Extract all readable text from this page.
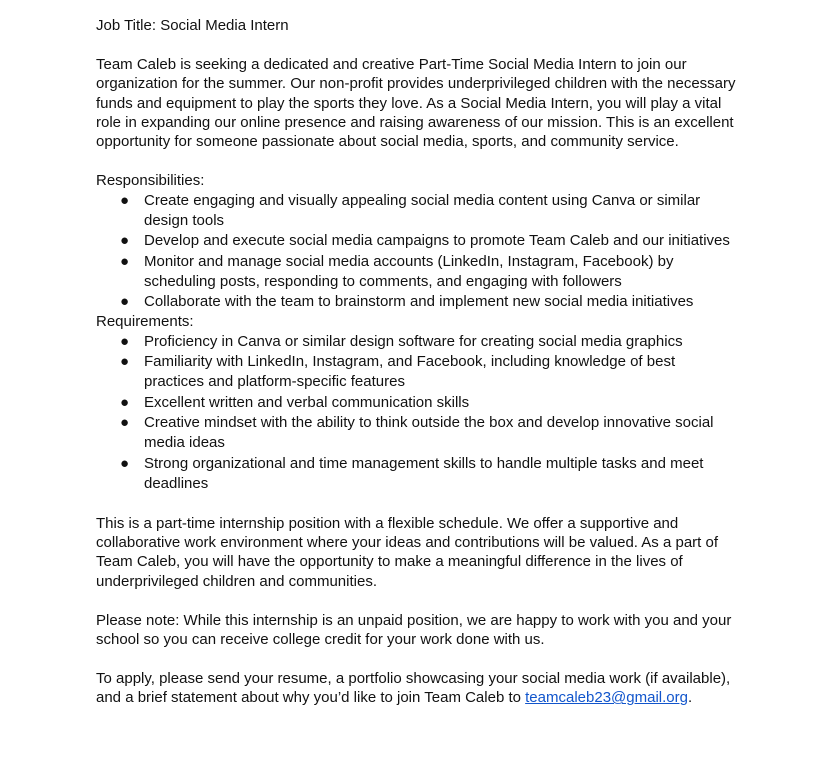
Job Title: Social Media Intern

Team Caleb is seeking a dedicated and creative Part-Time Social Media Intern to join our organization for the summer. Our non-profit provides underprivileged children with the necessary funds and equipment to play the sports they love. As a Social Media Intern, you will play a vital role in expanding our online presence and raising awareness of our mission. This is an excellent opportunity for someone passionate about social media, sports, and community service.

Responsibilities:

● Create engaging and visually appealing social media content using Canva or similar design tools
● Develop and execute social media campaigns to promote Team Caleb and our initiatives
● Monitor and manage social media accounts (LinkedIn, Instagram, Facebook) by scheduling posts, responding to comments, and engaging with followers
● Collaborate with the team to brainstorm and implement new social media initiatives

Requirements:

● Proficiency in Canva or similar design software for creating social media graphics
● Familiarity with LinkedIn, Instagram, and Facebook, including knowledge of best practices and platform-specific features
● Excellent written and verbal communication skills
● Creative mindset with the ability to think outside the box and develop innovative social media ideas
● Strong organizational and time management skills to handle multiple tasks and meet deadlines

This is a part-time internship position with a flexible schedule. We offer a supportive and collaborative work environment where your ideas and contributions will be valued. As a part of Team Caleb, you will have the opportunity to make a meaningful difference in the lives of underprivileged children and communities.

Please note: While this internship is an unpaid position, we are happy to work with you and your school so you can receive college credit for your work done with us.

To apply, please send your resume, a portfolio showcasing your social media work (if available), and a brief statement about why you’d like to join Team Caleb to teamcaleb23@gmail.org.
